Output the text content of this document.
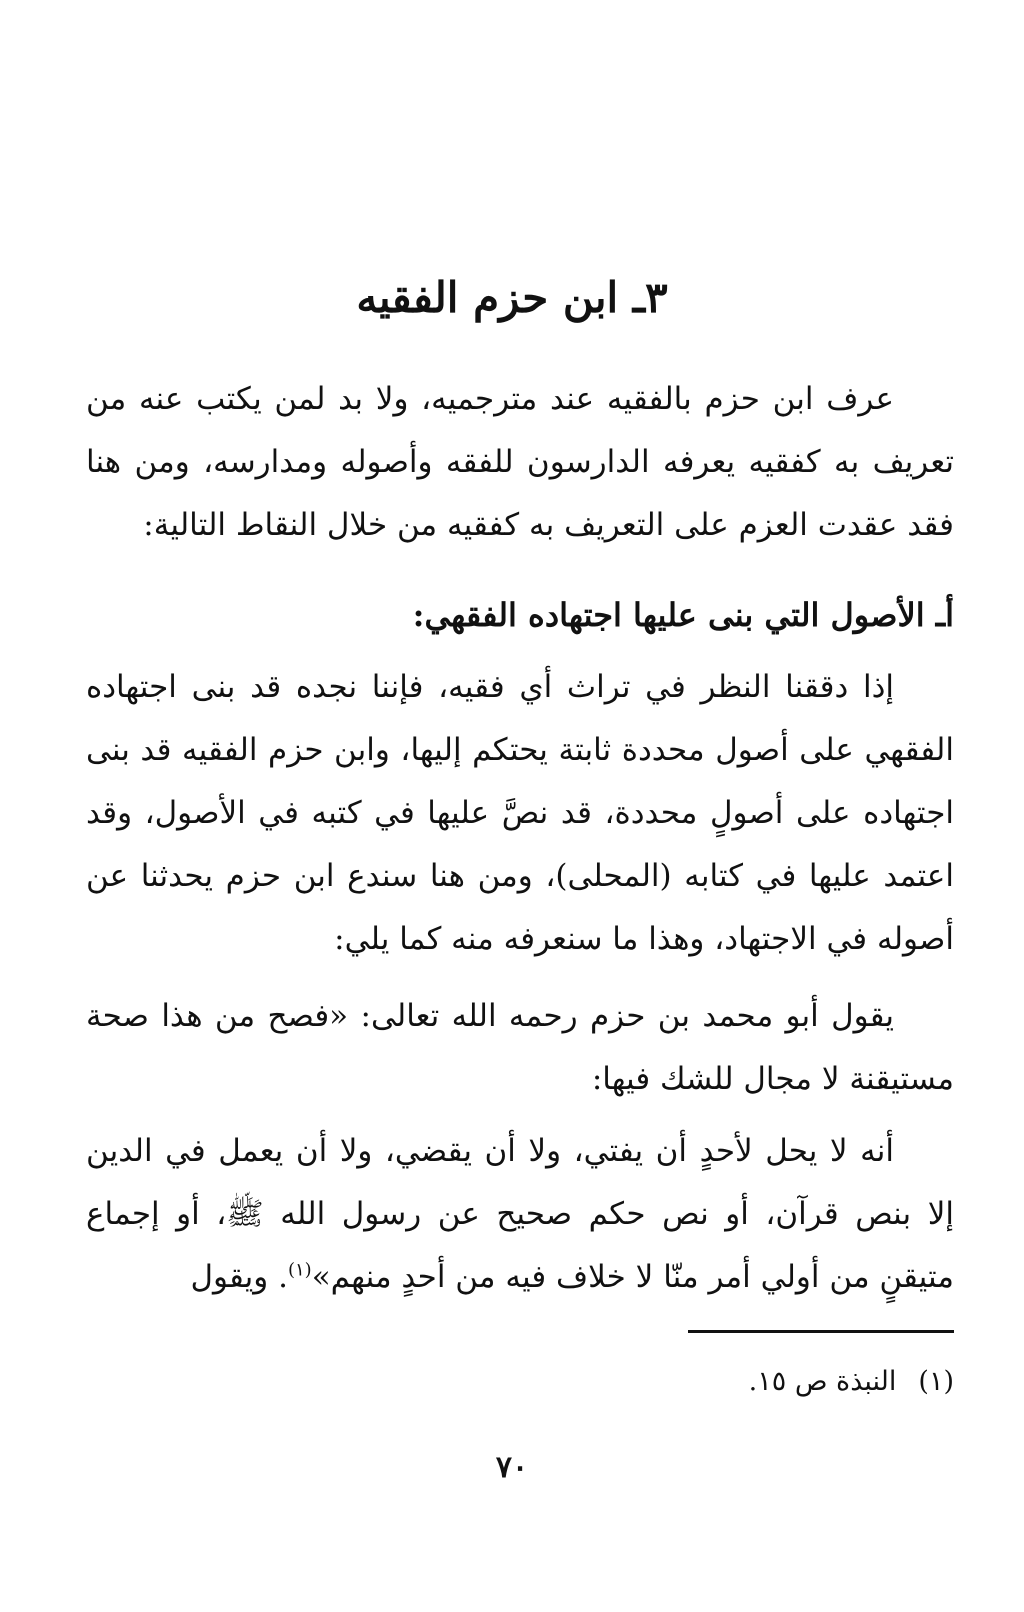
٣ـ ابن حزم الفقيه

عرف ابن حزم بالفقيه عند مترجميه، ولا بد لمن يكتب عنه من تعريف به كفقيه يعرفه الدارسون للفقه وأصوله ومدارسه، ومن هنا فقد عقدت العزم على التعريف به كفقيه من خلال النقاط التالية:

أـ الأصول التي بنى عليها اجتهاده الفقهي:

إذا دققنا النظر في تراث أي فقيه، فإننا نجده قد بنى اجتهاده الفقهي على أصول محددة ثابتة يحتكم إليها، وابن حزم الفقيه قد بنى اجتهاده على أصولٍ محددة، قد نصَّ عليها في كتبه في الأصول، وقد اعتمد عليها في كتابه (المحلى)، ومن هنا سندع ابن حزم يحدثنا عن أصوله في الاجتهاد، وهذا ما سنعرفه منه كما يلي:

يقول أبو محمد بن حزم رحمه الله تعالى: «فصح من هذا صحة مستيقنة لا مجال للشك فيها:

أنه لا يحل لأحدٍ أن يفتي، ولا أن يقضي، ولا أن يعمل في الدين إلا بنص قرآن، أو نص حكم صحيح عن رسول الله ﷺ، أو إجماع متيقنٍ من أولي أمر منّا لا خلاف فيه من أحدٍ منهم»$^{(١)}$. ويقول

(١)النبذة ص ١٥.

٧٠
